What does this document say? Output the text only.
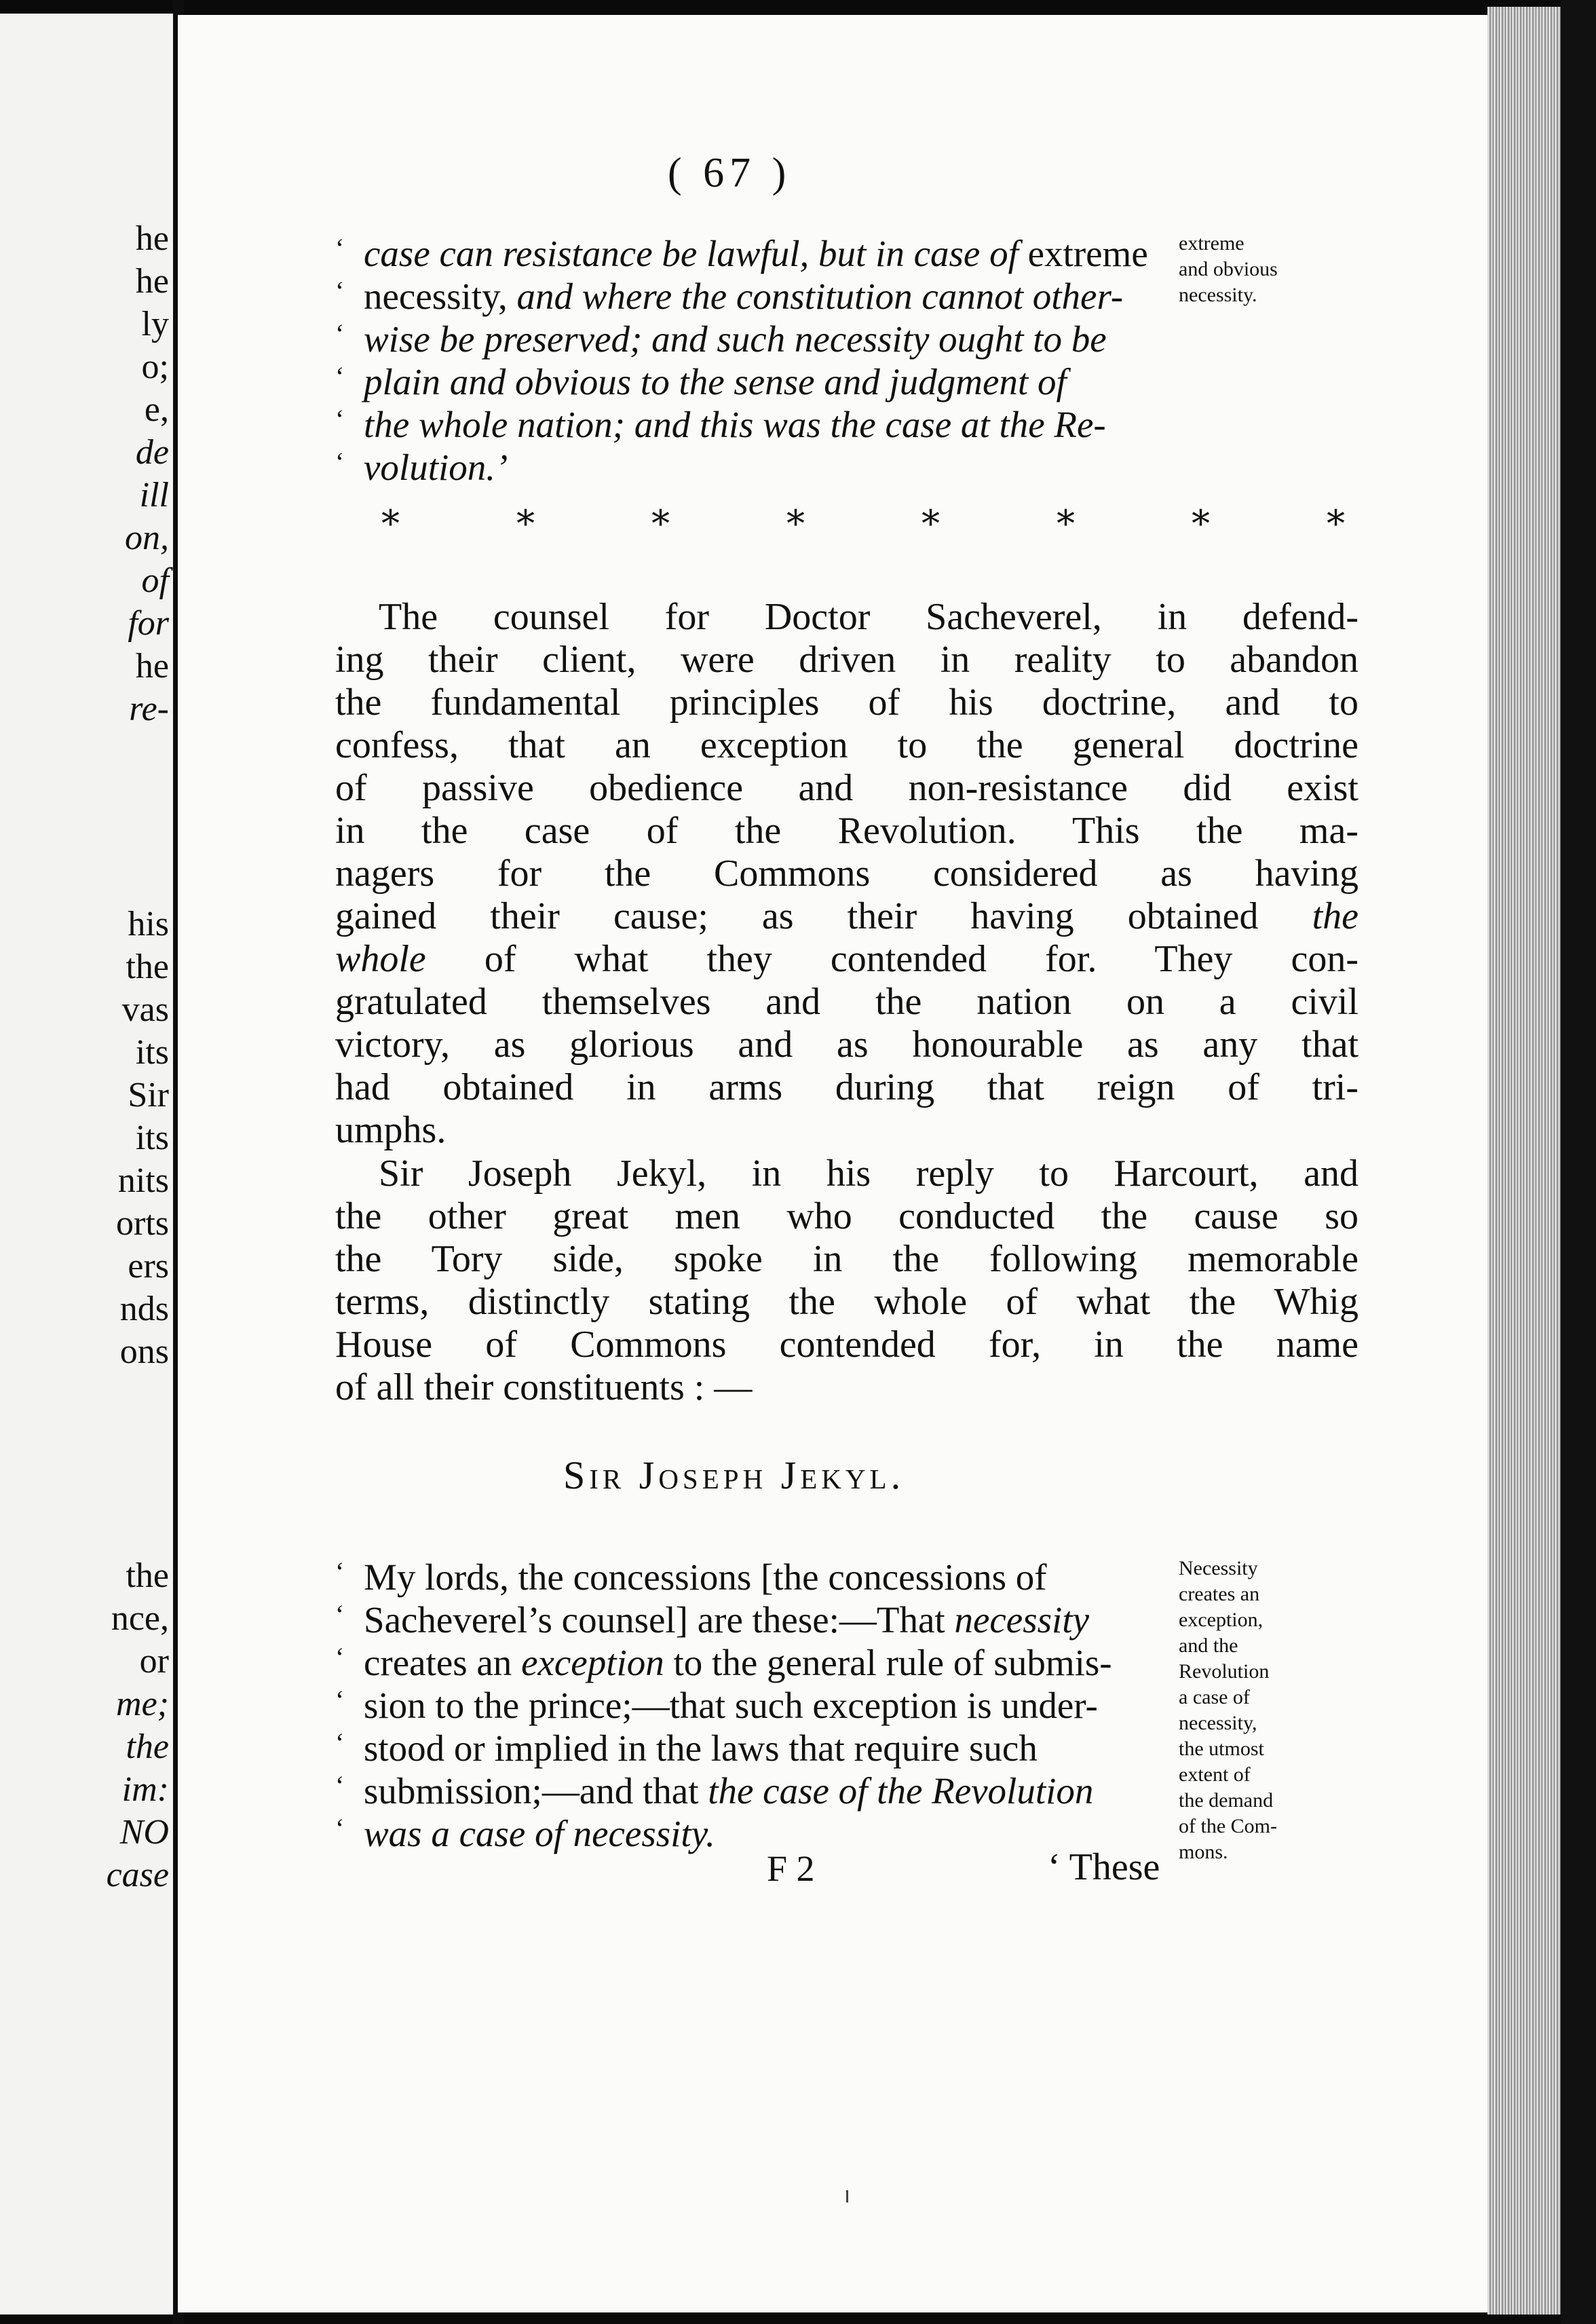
he
he
ly
o;
e,
de
ill
on,
of
for
he
re-
his
the
vas
its
Sir
its
nits
orts
ers
nds
ons
the
nce,
or
me;
the
im:
NO
case
( 67 )
‘ case can resistance be lawful, but in case of extreme
‘ necessity, and where the constitution cannot other-
‘ wise be preserved; and such necessity ought to be
‘ plain and obvious to the sense and judgment of
‘ the whole nation; and this was the case at the Re-
‘ volution.’
*	*	*	*	*	*	*	*
The counsel for Doctor Sacheverel, in defend-
ing their client, were driven in reality to abandon
the fundamental principles of his doctrine, and to
confess, that an exception to the general doctrine
of passive obedience and non-resistance did exist
in the case of the Revolution. This the ma-
nagers for the Commons considered as having
gained their cause; as their having obtained the
whole of what they contended for. They con-
gratulated themselves and the nation on a civil
victory, as glorious and as honourable as any that
had obtained in arms during that reign of tri-
umphs.
Sir Joseph Jekyl, in his reply to Harcourt, and
the other great men who conducted the cause so
the Tory side, spoke in the following memorable
terms, distinctly stating the whole of what the Whig
House of Commons contended for, in the name
of all their constituents : —
Sir Joseph Jekyl.
‘ My lords, the concessions [the concessions of
‘ Sacheverel’s counsel] are these:—That necessity
‘ creates an exception to the general rule of submis-
‘ sion to the prince;—that such exception is under-
‘ stood or implied in the laws that require such
‘ submission;—and that the case of the Revolution
‘ was a case of necessity.
extreme
and obvious
necessity.
Necessity
creates an
exception,
and the
Revolution
a case of
necessity,
the utmost
extent of
the demand
of the Com-
mons.
F 2	‘ These
